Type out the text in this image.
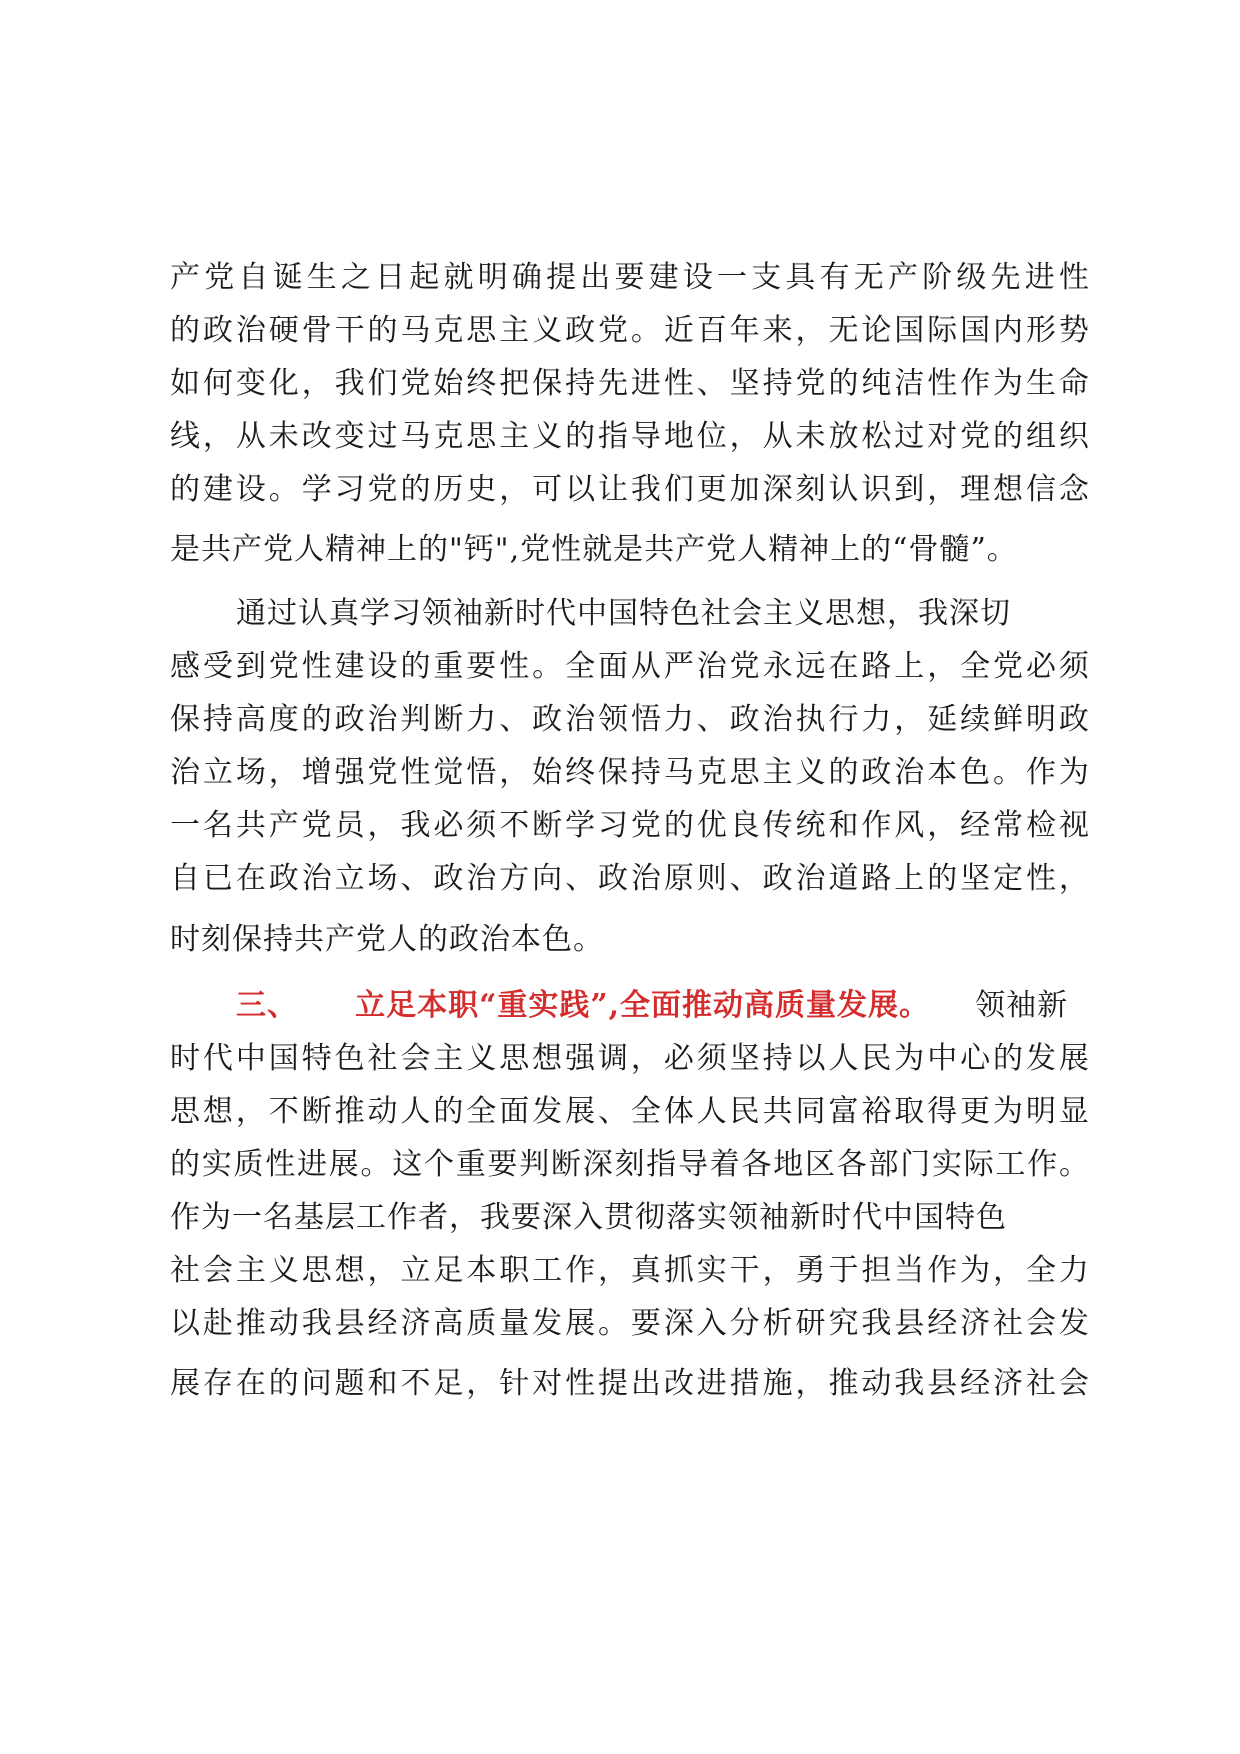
产 党 自 诞 生 之 日 起 就 明 确 提 出 要 建 设 一 支 具 有 无 产 阶 级 先 进 性
的 政 治 硬 骨 干 的 马 克 思 主 义 政 党 。 近 百 年 来 ， 无 论 国 际 国 内 形 势
如 何 变 化 ， 我 们 党 始 终 把 保 持 先 进 性 、 坚 持 党 的 纯 洁 性 作 为 生 命
线 ， 从 未 改 变 过 马 克 思 主 义 的 指 导 地 位 ， 从 未 放 松 过 对 党 的 组 织
的 建 设 。 学 习 党 的 历 史 ， 可 以 让 我 们 更 加 深 刻 认 识 到 ， 理 想 信 念
是共产党人精神上的"钙",党性就是共产党人精神上的“骨髓”。
通过认真学习领袖新时代中国特色社会主义思想，我深切
感 受 到 党 性 建 设 的 重 要 性 。 全 面 从 严 治 党 永 远 在 路 上 ， 全 党 必 须
保 持 高 度 的 政 治 判 断 力 、 政 治 领 悟 力 、 政 治 执 行 力 ， 延 续 鲜 明 政
治 立 场 ， 增 强 党 性 觉 悟 ， 始 终 保 持 马 克 思 主 义 的 政 治 本 色 。 作 为
一 名 共 产 党 员 ， 我 必 须 不 断 学 习 党 的 优 良 传 统 和 作 风 ， 经 常 检 视
自 已 在 政 治 立 场 、 政 治 方 向 、 政 治 原 则 、 政 治 道 路 上 的 坚 定 性 ，
时刻保持共产党人的政治本色。
三、 立足本职“重实践”,全面推动高质量发展。 领袖新
时 代 中 国 特 色 社 会 主 义 思 想 强 调 ， 必 须 坚 持 以 人 民 为 中 心 的 发 展
思 想 ， 不 断 推 动 人 的 全 面 发 展 、 全 体 人 民 共 同 富 裕 取 得 更 为 明 显
的 实 质 性 进 展 。 这 个 重 要 判 断 深 刻 指 导 着 各 地 区 各 部 门 实 际 工 作 。
作为一名基层工作者，我要深入贯彻落实领袖新时代中国特色
社 会 主 义 思 想 ， 立 足 本 职 工 作 ， 真 抓 实 干 ， 勇 于 担 当 作 为 ， 全 力
以 赴 推 动 我 县 经 济 高 质 量 发 展 。 要 深 入 分 析 研 究 我 县 经 济 社 会 发
展 存 在 的 问 题 和 不 足 ， 针 对 性 提 出 改 进 措 施 ， 推 动 我 县 经 济 社 会
